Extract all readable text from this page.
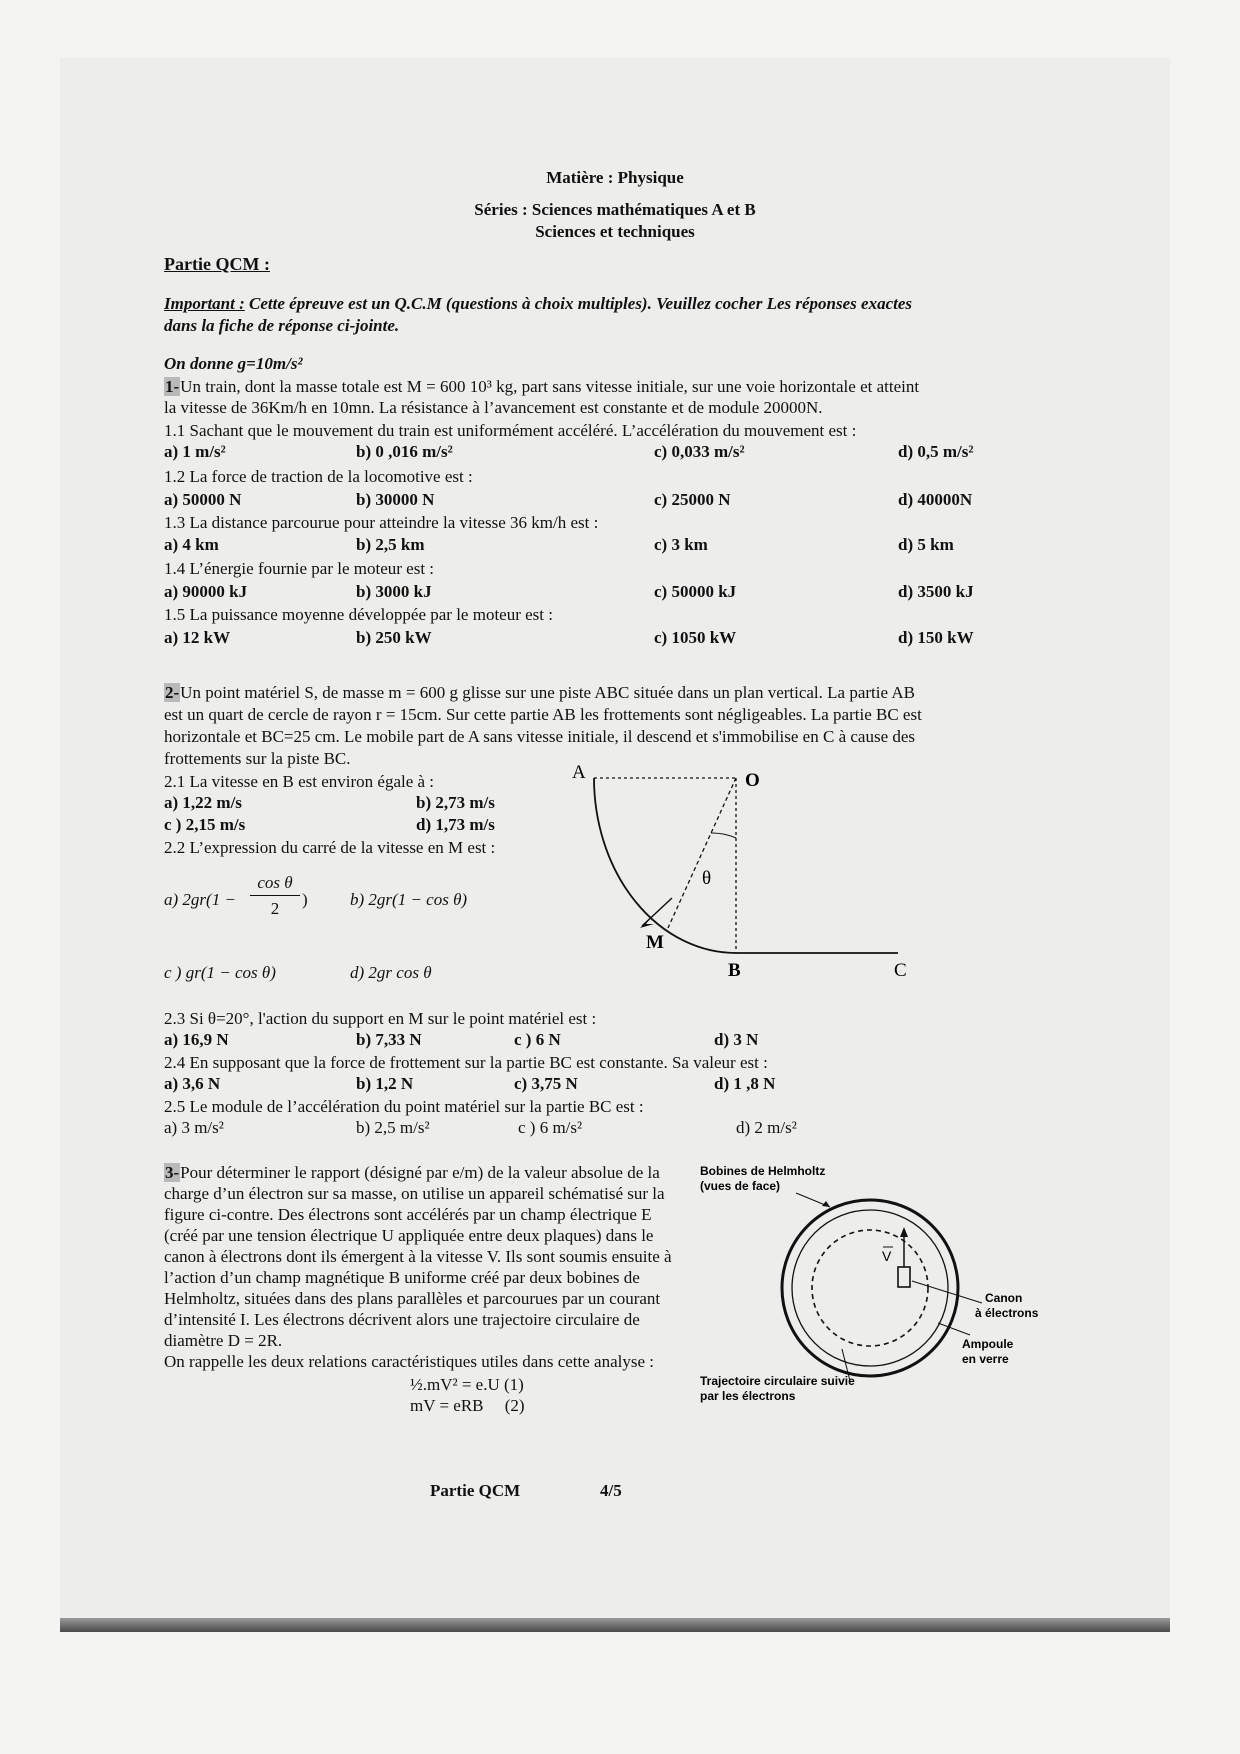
Matière : Physique
Séries : Sciences mathématiques A et B
Sciences et techniques
Partie QCM :
Important : Cette épreuve est un Q.C.M (questions à choix multiples). Veuillez cocher Les réponses exactes
dans la fiche de réponse ci-jointe.
On donne g=10m/s²
1-Un train, dont la masse totale est M = 600 10³ kg, part sans vitesse initiale, sur une voie horizontale et atteint
la vitesse de 36Km/h en 10mn. La résistance à l’avancement est constante et de module 20000N.
1.1 Sachant que le mouvement du train est uniformément accéléré. L’accélération du mouvement est :
a) 1 m/s²	b) 0 ,016 m/s²	c) 0,033 m/s²	d) 0,5 m/s²
1.2 La force de traction de la locomotive est :
a) 50000 N	b) 30000 N	c) 25000 N	d) 40000N
1.3 La distance parcourue pour atteindre la vitesse 36 km/h est :
a) 4 km	b) 2,5 km	c) 3 km	d) 5 km
1.4 L’énergie fournie par le moteur est :
a) 90000 kJ	b) 3000 kJ	c) 50000 kJ	d) 3500 kJ
1.5 La puissance moyenne développée par le moteur est :
a) 12 kW	b) 250 kW	c) 1050 kW	d) 150 kW
2-Un point matériel S, de masse m = 600 g glisse sur une piste ABC située dans un plan vertical. La partie AB
est un quart de cercle de rayon r = 15cm. Sur cette partie AB les frottements sont négligeables. La partie BC est
horizontale et BC=25 cm. Le mobile part de A sans vitesse initiale, il descend et s'immobilise en C à cause des
frottements sur la piste BC.
2.1 La vitesse en B est environ égale à :
a) 1,22 m/s	b) 2,73 m/s
c ) 2,15 m/s	d) 1,73 m/s
2.2 L’expression du carré de la vitesse en M est :
a) 2gr(1 −
cos θ
2	) b) 2gr(1 − cos θ)
c ) gr(1 − cos θ)	d) 2gr cos θ
2.3 Si θ=20°, l'action du support en M sur le point matériel est :
a) 16,9 N	b) 7,33 N	c ) 6 N	d) 3 N
2.4 En supposant que la force de frottement sur la partie BC est constante. Sa valeur est :
a) 3,6 N	b) 1,2 N	c) 3,75 N	d) 1 ,8 N
2.5 Le module de l’accélération du point matériel sur la partie BC est :
a) 3 m/s²	b) 2,5 m/s²	c ) 6 m/s²	d) 2 m/s²
A	O
θ
M
B	C
3-Pour déterminer le rapport (désigné par e/m) de la valeur absolue de la
charge d’un électron sur sa masse, on utilise un appareil schématisé sur la
figure ci-contre. Des électrons sont accélérés par un champ électrique E
(créé par une tension électrique U appliquée entre deux plaques) dans le
canon à électrons dont ils émergent à la vitesse V. Ils sont soumis ensuite à
l’action d’un champ magnétique B uniforme créé par deux bobines de
Helmholtz, situées dans des plans parallèles et parcourues par un courant
d’intensité I. Les électrons décrivent alors une trajectoire circulaire de
diamètre D = 2R.
On rappelle les deux relations caractéristiques utiles dans cette analyse :
½.mV² = e.U (1)
mV = eRB     (2)
V
Bobines de Helmholtz
(vues de face)
Canon
à électrons
Ampoule
en verre
Trajectoire circulaire suivie
par les électrons
Partie QCM	4/5
